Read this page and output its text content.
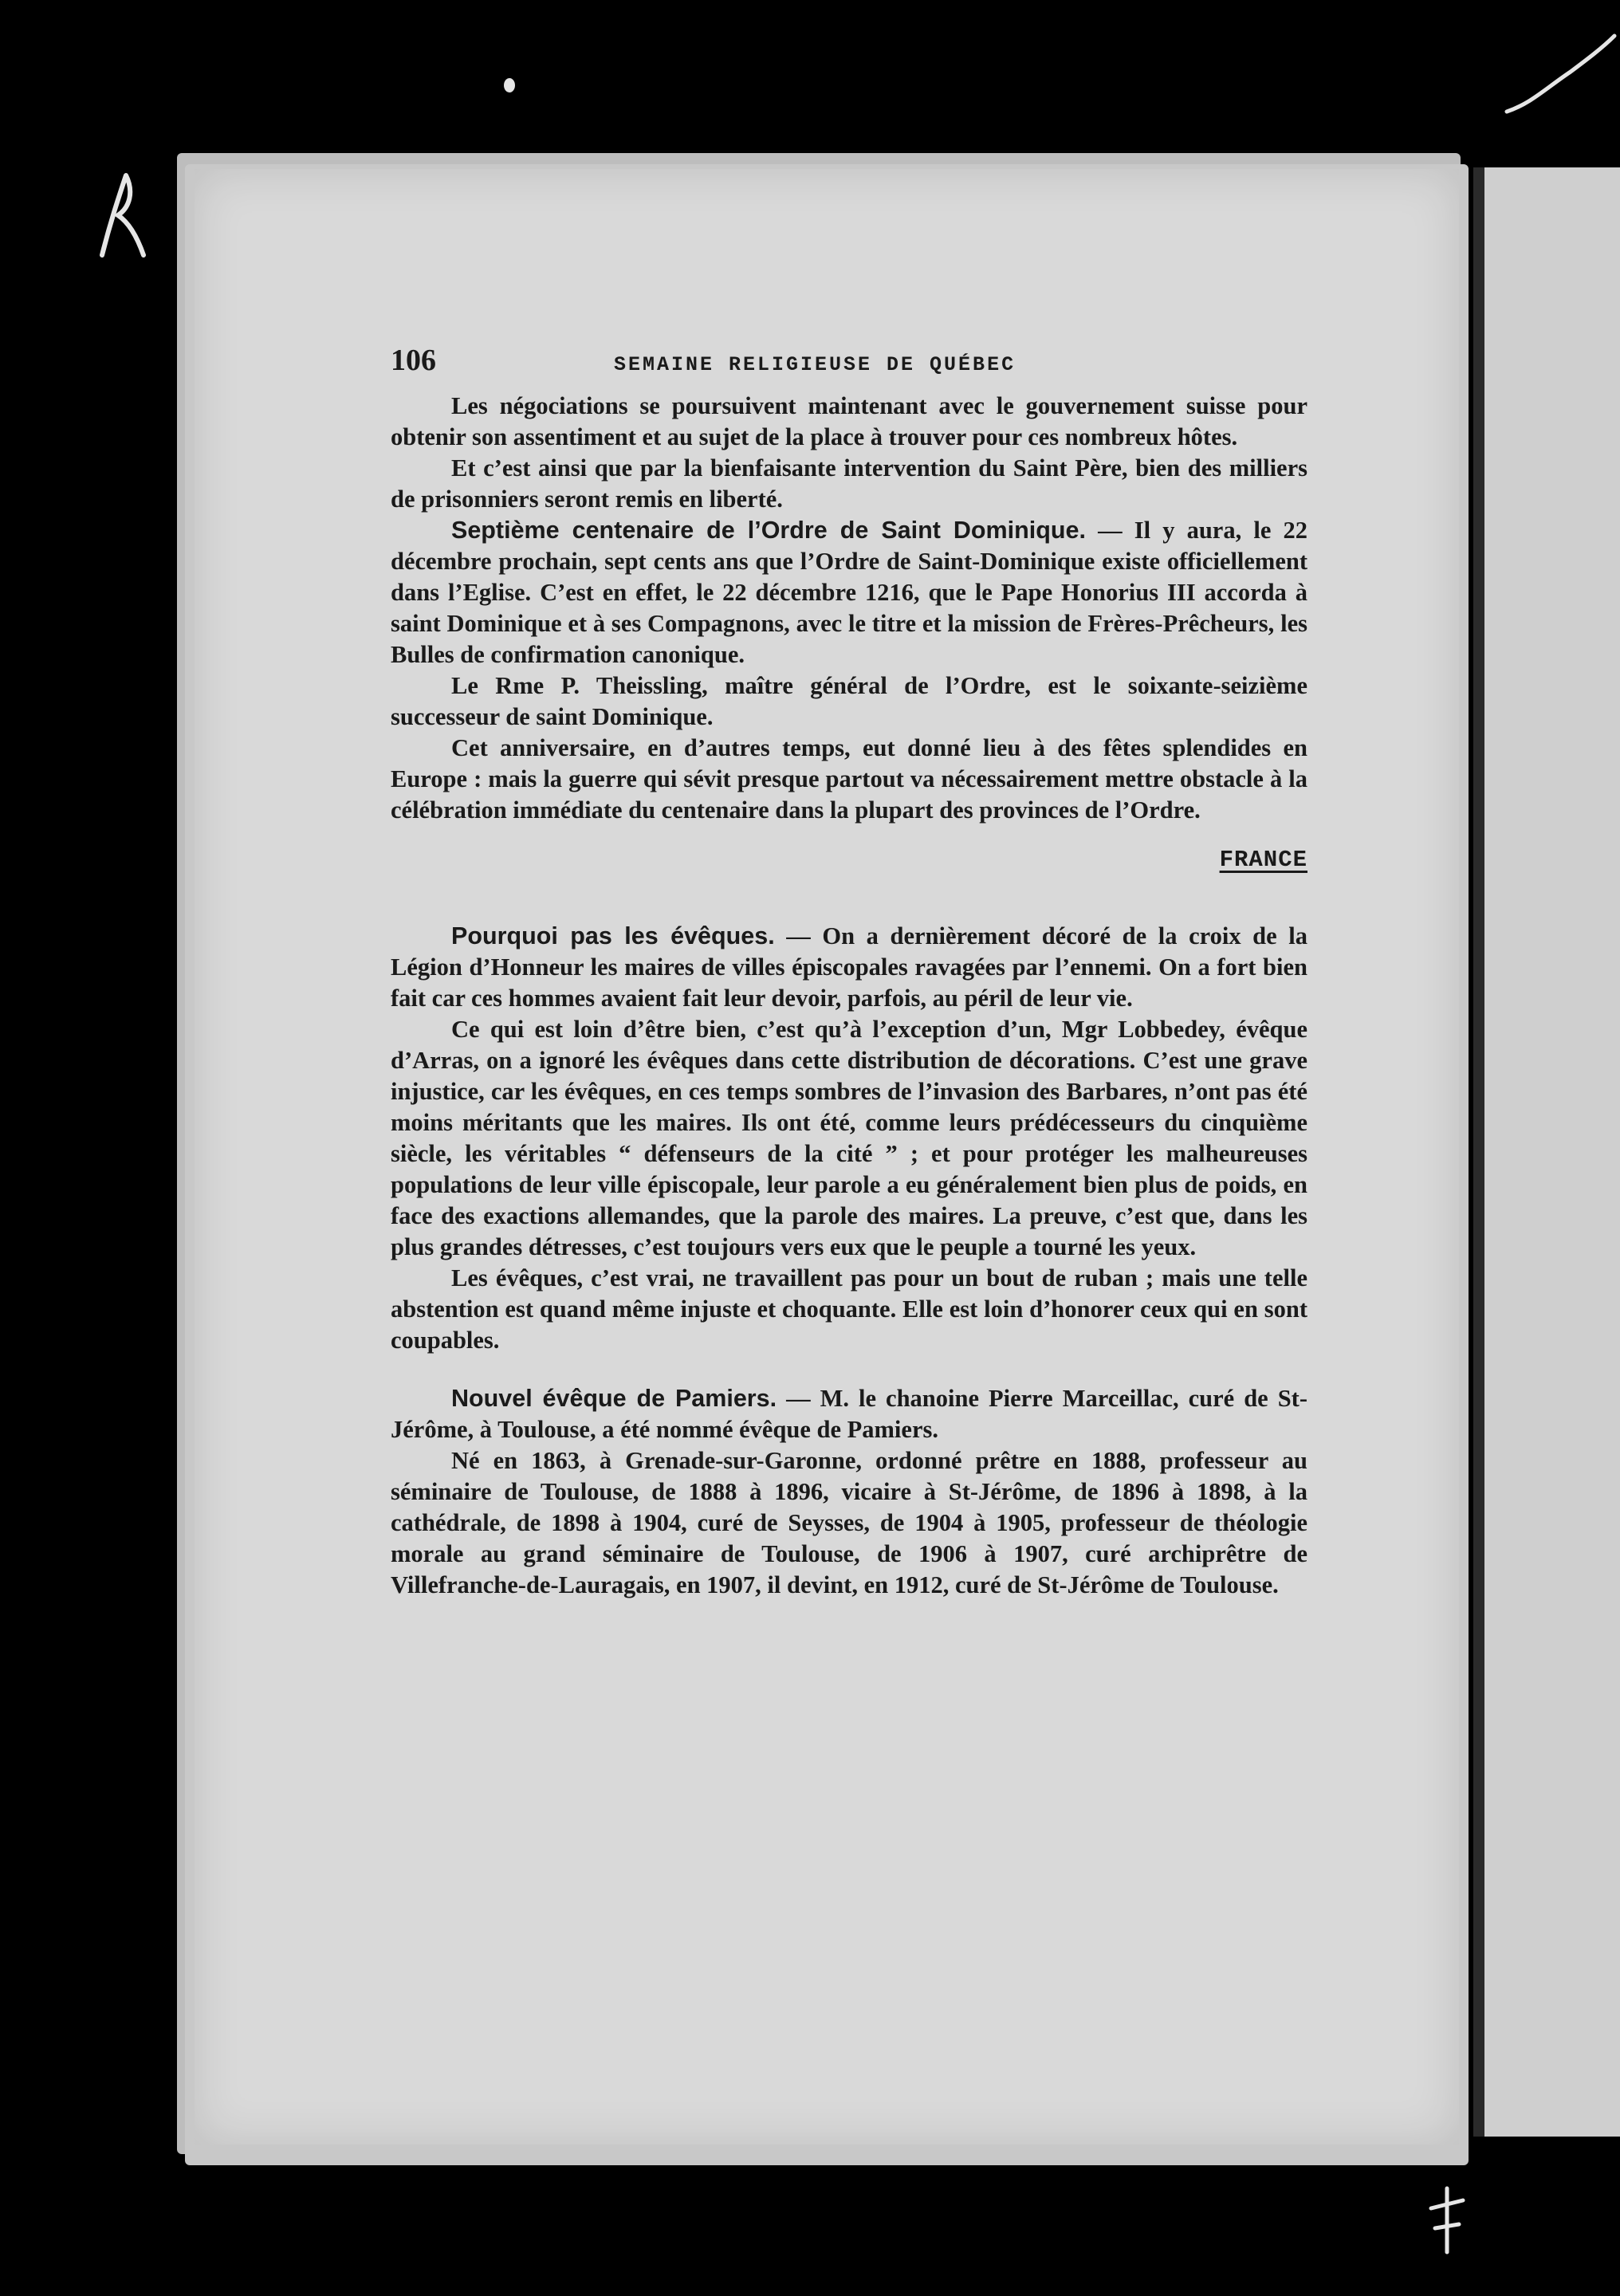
106	SEMAINE RELIGIEUSE DE QUÉBEC

Les négociations se poursuivent maintenant avec le gouvernement suisse pour obtenir son assentiment et au sujet de la place à trouver pour ces nombreux hôtes.

Et c’est ainsi que par la bienfaisante intervention du Saint Père, bien des milliers de prisonniers seront remis en liberté.

Septième centenaire de l’Ordre de Saint Dominique. — Il y aura, le 22 décembre prochain, sept cents ans que l’Ordre de Saint-Dominique existe officiellement dans l’Eglise. C’est en effet, le 22 décembre 1216, que le Pape Honorius III accorda à saint Dominique et à ses Compagnons, avec le titre et la mission de Frères-Prêcheurs, les Bulles de confirmation canonique.

Le Rme P. Theissling, maître général de l’Ordre, est le soixante-seizième successeur de saint Dominique.

Cet anniversaire, en d’autres temps, eut donné lieu à des fêtes splendides en Europe : mais la guerre qui sévit presque partout va nécessairement mettre obstacle à la célébration immédiate du centenaire dans la plupart des provinces de l’Ordre.

FRANCE

Pourquoi pas les évêques. — On a dernièrement décoré de la croix de la Légion d’Honneur les maires de villes épiscopales ravagées par l’ennemi. On a fort bien fait car ces hommes avaient fait leur devoir, parfois, au péril de leur vie.

Ce qui est loin d’être bien, c’est qu’à l’exception d’un, Mgr Lobbedey, évêque d’Arras, on a ignoré les évêques dans cette distribution de décorations. C’est une grave injustice, car les évêques, en ces temps sombres de l’invasion des Barbares, n’ont pas été moins méritants que les maires. Ils ont été, comme leurs prédécesseurs du cinquième siècle, les véritables “ défenseurs de la cité ” ; et pour protéger les malheureuses populations de leur ville épiscopale, leur parole a eu généralement bien plus de poids, en face des exactions allemandes, que la parole des maires. La preuve, c’est que, dans les plus grandes détresses, c’est toujours vers eux que le peuple a tourné les yeux.

Les évêques, c’est vrai, ne travaillent pas pour un bout de ruban ; mais une telle abstention est quand même injuste et choquante. Elle est loin d’honorer ceux qui en sont coupables.

Nouvel évêque de Pamiers. — M. le chanoine Pierre Marceillac, curé de St-Jérôme, à Toulouse, a été nommé évêque de Pamiers.

Né en 1863, à Grenade-sur-Garonne, ordonné prêtre en 1888, professeur au séminaire de Toulouse, de 1888 à 1896, vicaire à St-Jérôme, de 1896 à 1898, à la cathédrale, de 1898 à 1904, curé de Seysses, de 1904 à 1905, professeur de théologie morale au grand séminaire de Toulouse, de 1906 à 1907, curé archiprêtre de Villefranche-de-Lauragais, en 1907, il devint, en 1912, curé de St-Jérôme de Toulouse.
